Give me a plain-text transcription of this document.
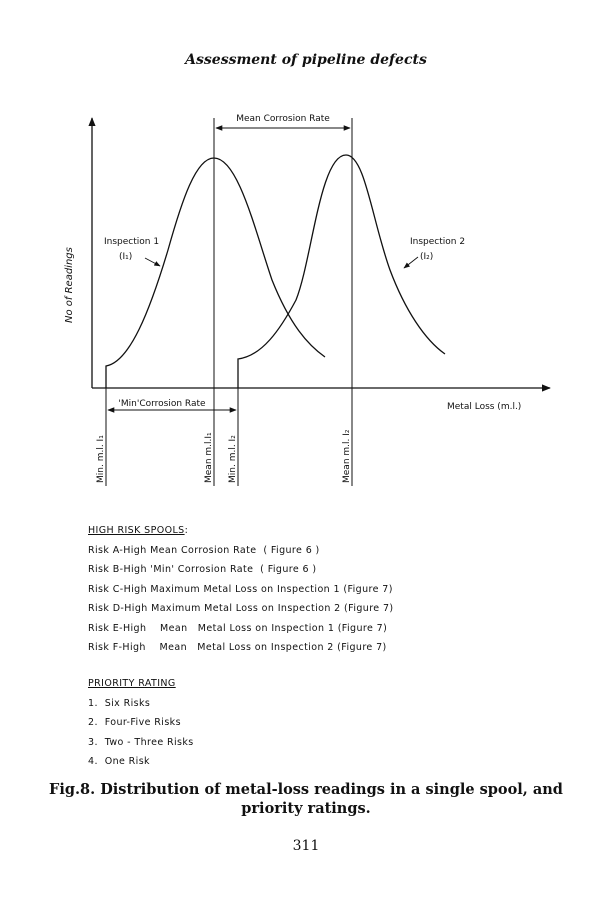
Assessment of pipeline defects
No of Readings
Mean Corrosion Rate
'Min'Corrosion Rate	Metal Loss (m.l.)
Inspection 1
(I₁)
Inspection 2
(I₂)
Min. m.l. I₁	Mean m.l.I₁ Min. m.l. I₂	Mean m.l. I₂
HIGH RISK SPOOLS:
Risk A-High Mean Corrosion Rate  ( Figure 6 )
Risk B-High 'Min' Corrosion Rate  ( Figure 6 )
Risk C-High Maximum Metal Loss on Inspection 1 (Figure 7)
Risk D-High Maximum Metal Loss on Inspection 2 (Figure 7)
Risk E-High    Mean   Metal Loss on Inspection 1 (Figure 7)
Risk F-High    Mean   Metal Loss on Inspection 2 (Figure 7)
PRIORITY RATING
1.  Six Risks
2.  Four-Five Risks
3.  Two - Three Risks
4.  One Risk
Fig.8. Distribution of metal-loss readings in a single spool, and priority ratings.
311
